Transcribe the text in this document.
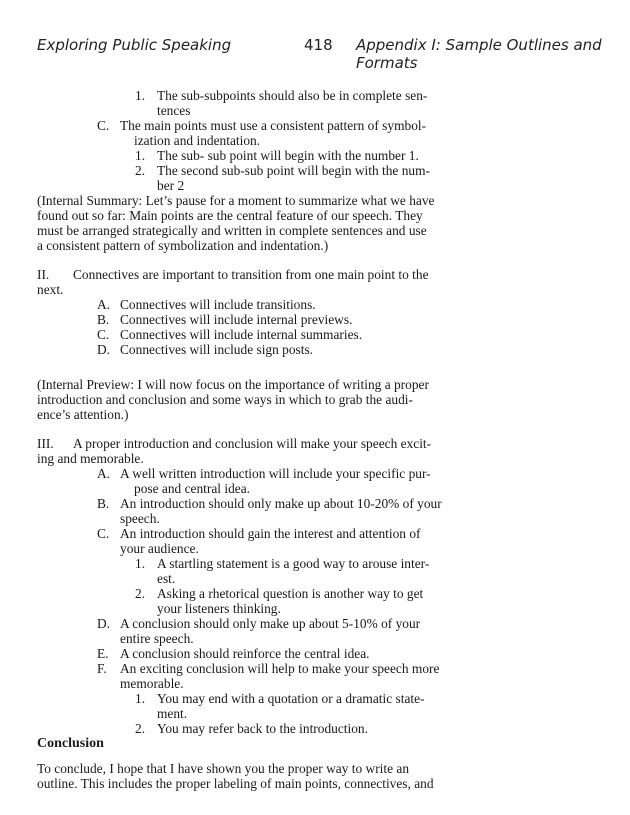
Exploring Public Speaking	418 Appendix I: Sample Outlines and Formats
1. The sub-subpoints should also be in complete sen-

tences

C. The main points must use a consistent pattern of symbol-

ization and indentation.

1. The sub- sub point will begin with the number 1.

2. The second sub-sub point will begin with the num-

ber 2

(Internal Summary: Let’s pause for a moment to summarize what we have
found out so far: Main points are the central feature of our speech. They
must be arranged strategically and written in complete sentences and use
a consistent pattern of symbolization and indentation.)
II. Connectives are important to transition from one main point to the

next.
A. Connectives will include transitions.

B. Connectives will include internal previews.

C. Connectives will include internal summaries.

D. Connectives will include sign posts.

(Internal Preview: I will now focus on the importance of writing a proper
introduction and conclusion and some ways in which to grab the audi-
ence’s attention.)
III. A proper introduction and conclusion will make your speech excit-

ing and memorable.
A. A well written introduction will include your specific pur-

pose and central idea.

B. An introduction should only make up about 10-20% of your

speech.

C. An introduction should gain the interest and attention of

your audience.

1. A startling statement is a good way to arouse inter-

est.

2. Asking a rhetorical question is another way to get

your listeners thinking.

D. A conclusion should only make up about 5-10% of your

entire speech.

E. A conclusion should reinforce the central idea.

F. An exciting conclusion will help to make your speech more

memorable.

1. You may end with a quotation or a dramatic state-

ment.

2. You may refer back to the introduction.

Conclusion
To conclude, I hope that I have shown you the proper way to write an
outline. This includes the proper labeling of main points, connectives, and
